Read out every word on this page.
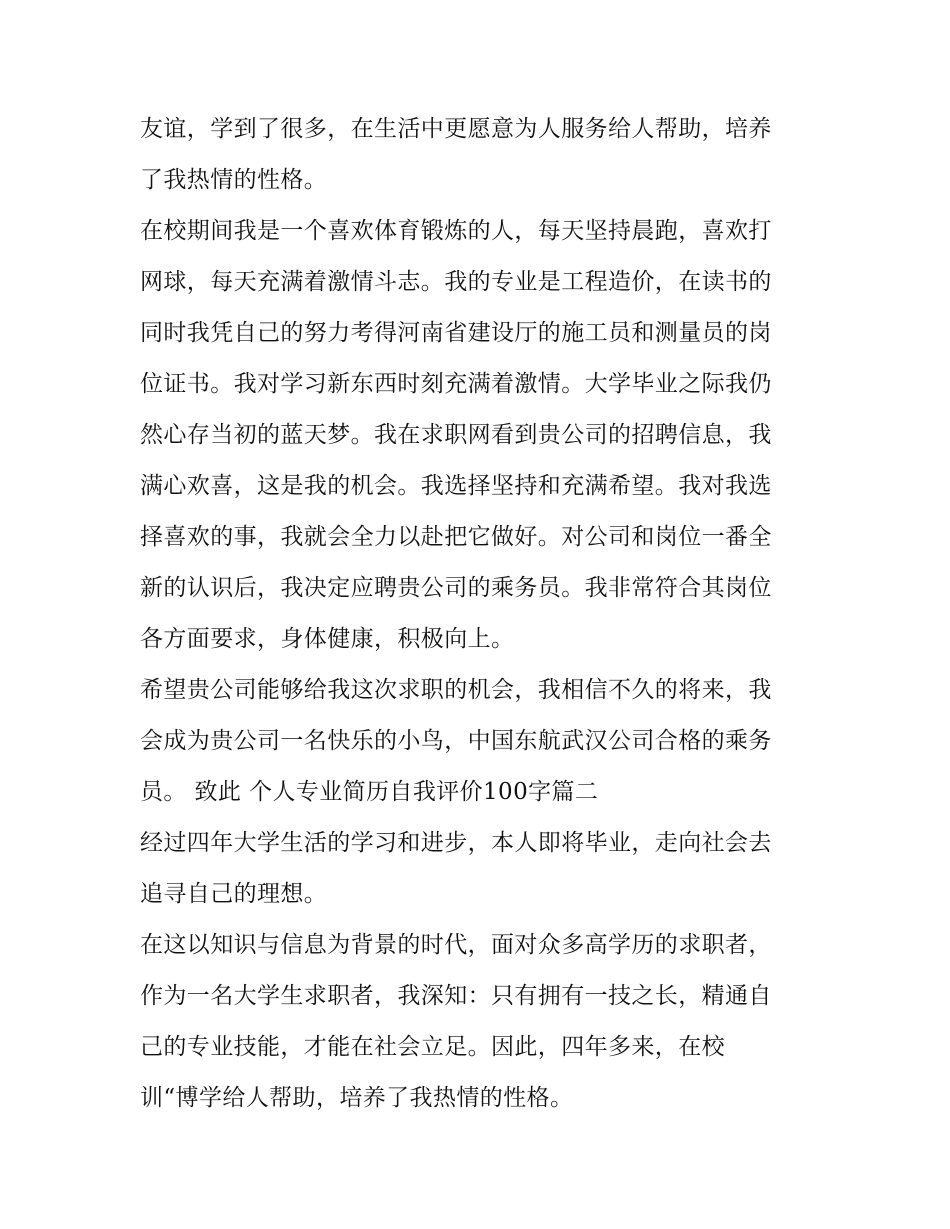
友谊，学到了很多，在生活中更愿意为人服务给人帮助，培养
了我热情的性格。
在校期间我是一个喜欢体育锻炼的人，每天坚持晨跑，喜欢打
网球，每天充满着激情斗志。我的专业是工程造价，在读书的
同时我凭自己的努力考得河南省建设厅的施工员和测量员的岗
位证书。我对学习新东西时刻充满着激情。大学毕业之际我仍
然心存当初的蓝天梦。我在求职网看到贵公司的招聘信息，我
满心欢喜，这是我的机会。我选择坚持和充满希望。我对我选
择喜欢的事，我就会全力以赴把它做好。对公司和岗位一番全
新的认识后，我决定应聘贵公司的乘务员。我非常符合其岗位
各方面要求，身体健康，积极向上。
希望贵公司能够给我这次求职的机会，我相信不久的将来，我
会成为贵公司一名快乐的小鸟，中国东航武汉公司合格的乘务
员。 致此 个人专业简历自我评价100字篇二
经过四年大学生活的学习和进步，本人即将毕业，走向社会去
追寻自己的理想。
在这以知识与信息为背景的时代，面对众多高学历的求职者，
作为一名大学生求职者，我深知：只有拥有一技之长，精通自
己的专业技能，才能在社会立足。因此，四年多来，在校
训“博学给人帮助，培养了我热情的性格。
